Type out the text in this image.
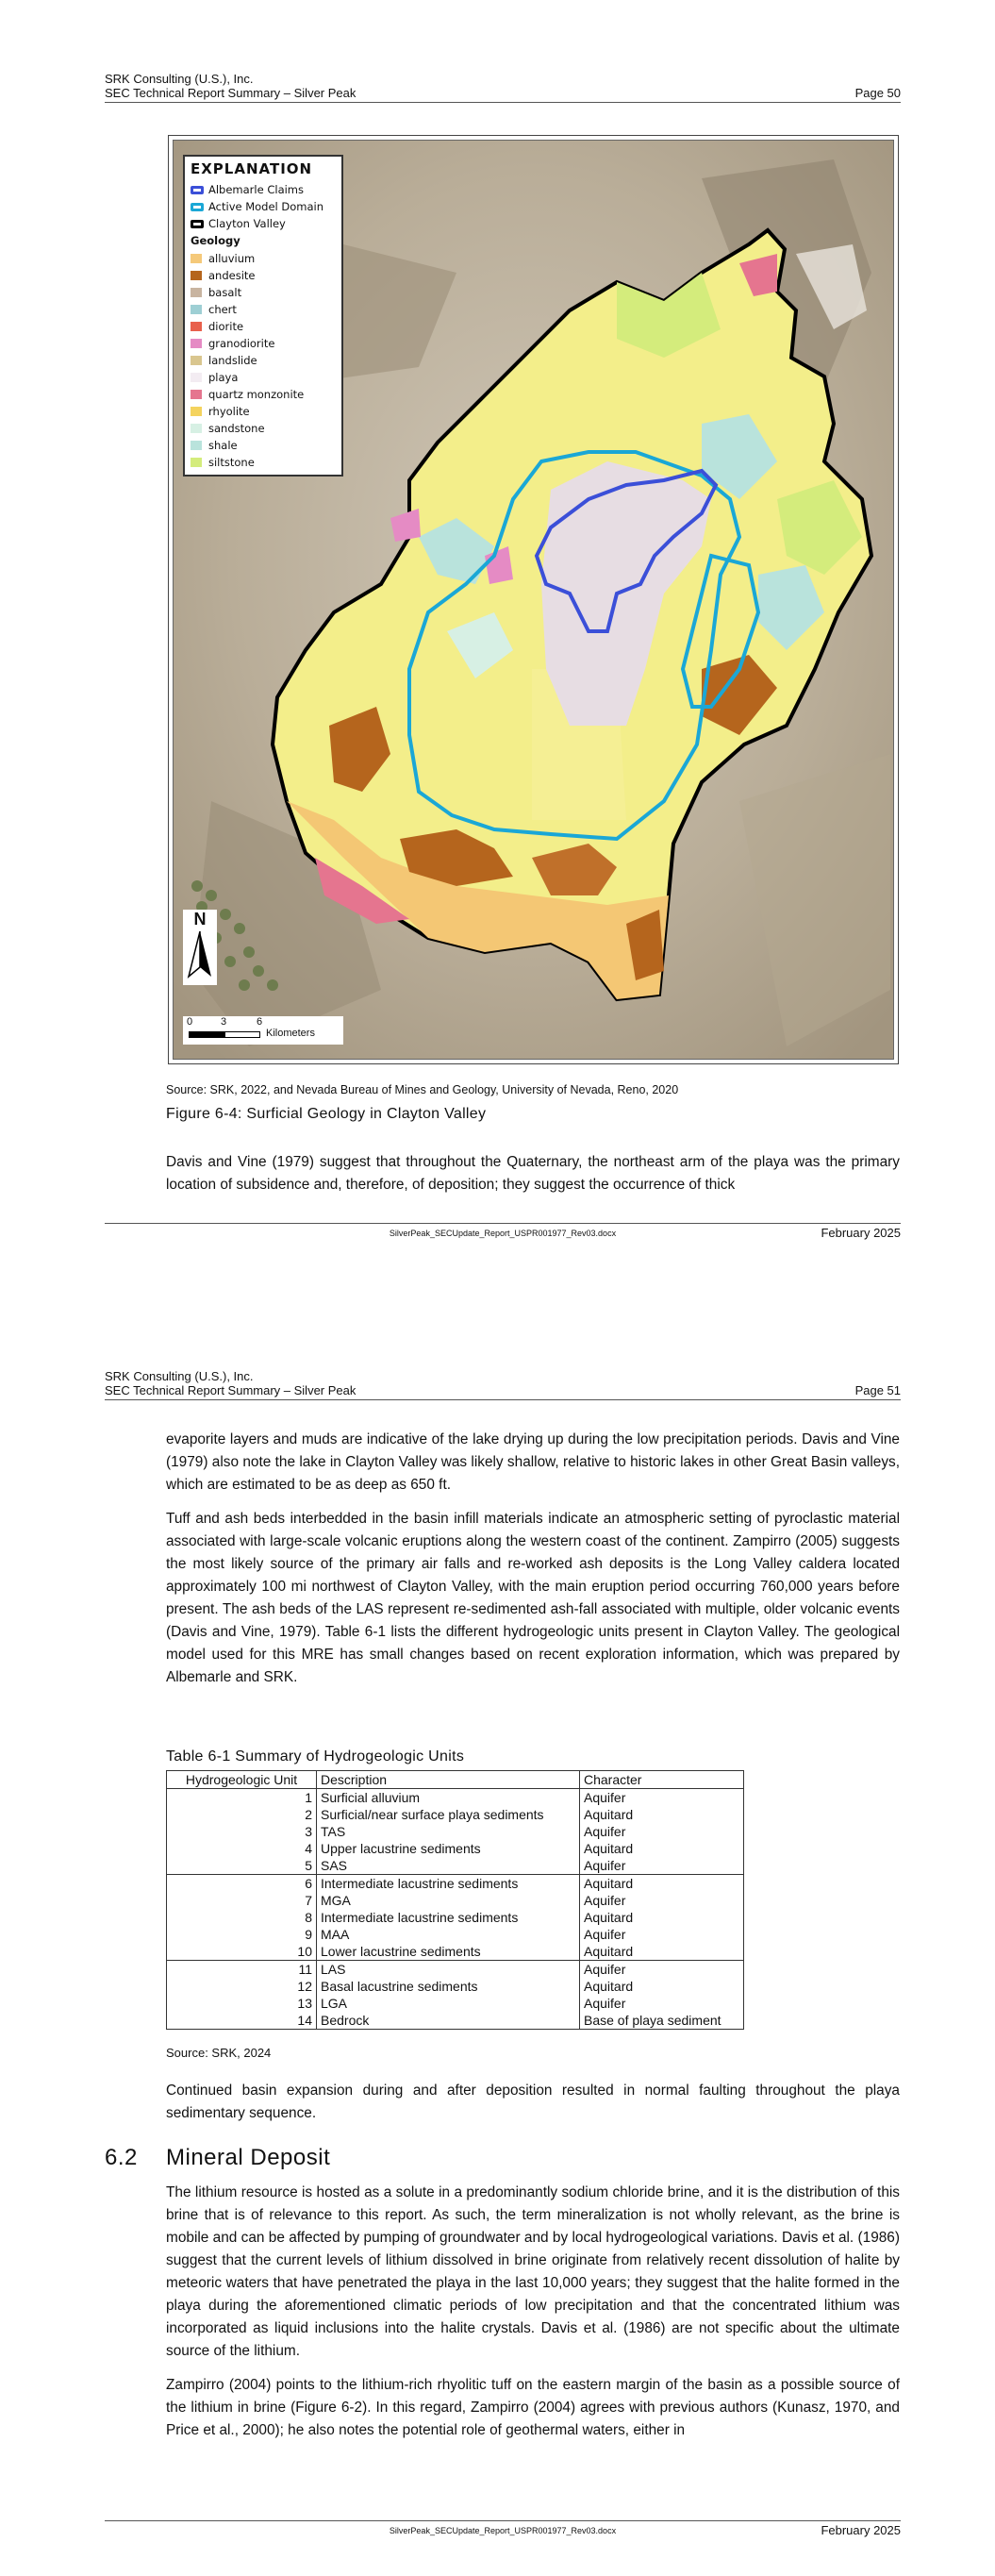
SRK Consulting (U.S.), Inc.
SEC Technical Report Summary – Silver Peak	Page 50
EXPLANATION
Albemarle Claims
Active Model Domain
Clayton Valley
Geology
alluvium
andesite
basalt
chert
diorite
granodiorite
landslide
playa
quartz monzonite
rhyolite
sandstone
shale
siltstone
N
0	3	6
Kilometers
Source: SRK, 2022, and Nevada Bureau of Mines and Geology, University of Nevada, Reno, 2020
Figure 6-4: Surficial Geology in Clayton Valley

Davis and Vine (1979) suggest that throughout the Quaternary, the northeast arm of the playa was the primary location of subsidence and, therefore, of deposition; they suggest the occurrence of thick

SilverPeak_SECUpdate_Report_USPR001977_Rev03.docx	February 2025
SRK Consulting (U.S.), Inc.
SEC Technical Report Summary – Silver Peak	Page 51

evaporite layers and muds are indicative of the lake drying up during the low precipitation periods. Davis and Vine (1979) also note the lake in Clayton Valley was likely shallow, relative to historic lakes in other Great Basin valleys, which are estimated to be as deep as 650 ft.

Tuff and ash beds interbedded in the basin infill materials indicate an atmospheric setting of pyroclastic material associated with large-scale volcanic eruptions along the western coast of the continent. Zampirro (2005) suggests the most likely source of the primary air falls and re-worked ash deposits is the Long Valley caldera located approximately 100 mi northwest of Clayton Valley, with the main eruption period occurring 760,000 years before present. The ash beds of the LAS represent re-sedimented ash-fall associated with multiple, older volcanic events (Davis and Vine, 1979). Table 6-1 lists the different hydrogeologic units present in Clayton Valley. The geological model used for this MRE has small changes based on recent exploration information, which was prepared by Albemarle and SRK.

Table 6-1 Summary of Hydrogeologic Units
Hydrogeologic Unit	Description	Character
1	Surficial alluvium	Aquifer
2	Surficial/near surface playa sediments	Aquitard
3	TAS	Aquifer
4	Upper lacustrine sediments	Aquitard
5	SAS	Aquifer
6	Intermediate lacustrine sediments	Aquitard
7	MGA	Aquifer
8	Intermediate lacustrine sediments	Aquitard
9	MAA	Aquifer
10	Lower lacustrine sediments	Aquitard
11	LAS	Aquifer
12	Basal lacustrine sediments	Aquitard
13	LGA	Aquifer
14	Bedrock	Base of playa sediment
Source: SRK, 2024

Continued basin expansion during and after deposition resulted in normal faulting throughout the playa sedimentary sequence.

6.2 Mineral Deposit

The lithium resource is hosted as a solute in a predominantly sodium chloride brine, and it is the distribution of this brine that is of relevance to this report. As such, the term mineralization is not wholly relevant, as the brine is mobile and can be affected by pumping of groundwater and by local hydrogeological variations. Davis et al. (1986) suggest that the current levels of lithium dissolved in brine originate from relatively recent dissolution of halite by meteoric waters that have penetrated the playa in the last 10,000 years; they suggest that the halite formed in the playa during the aforementioned climatic periods of low precipitation and that the concentrated lithium was incorporated as liquid inclusions into the halite crystals. Davis et al. (1986) are not specific about the ultimate source of the lithium.

Zampirro (2004) points to the lithium-rich rhyolitic tuff on the eastern margin of the basin as a possible source of the lithium in brine (Figure 6-2). In this regard, Zampirro (2004) agrees with previous authors (Kunasz, 1970, and Price et al., 2000); he also notes the potential role of geothermal waters, either in

SilverPeak_SECUpdate_Report_USPR001977_Rev03.docx	February 2025
